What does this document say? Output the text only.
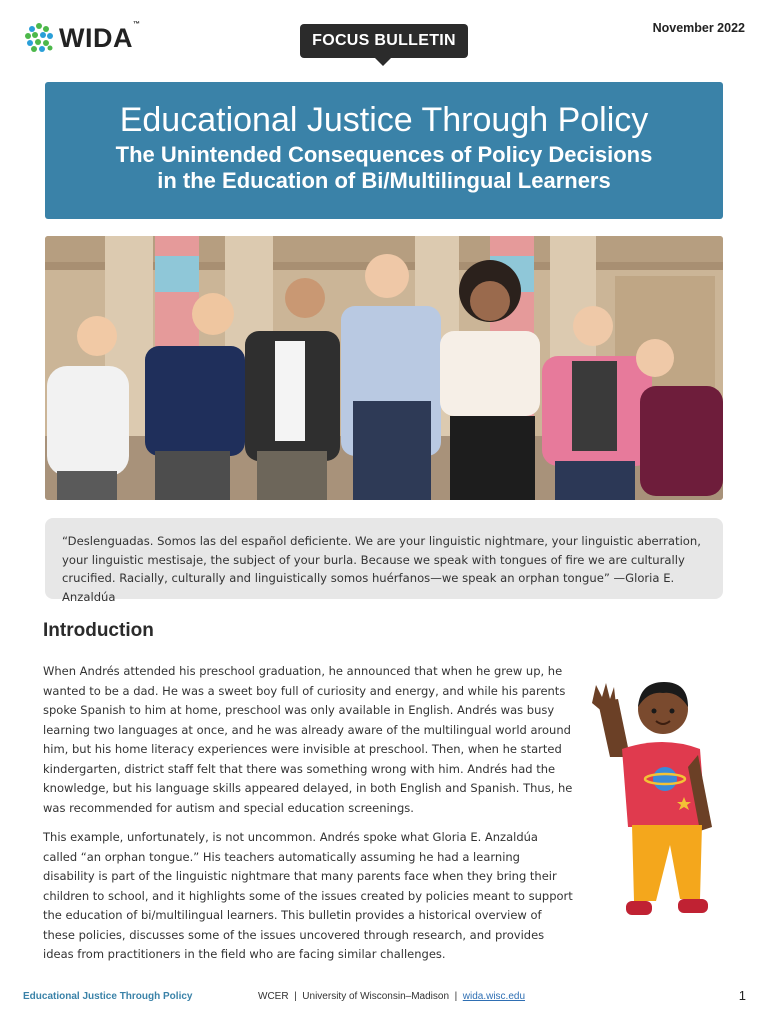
WIDA™
FOCUS BULLETIN
November 2022
Educational Justice Through Policy
The Unintended Consequences of Policy Decisions
in the Education of Bi/Multilingual Learners
“Deslenguadas. Somos las del español deficiente. We are your linguistic nightmare, your linguistic aberration, your linguistic mestisaje, the subject of your burla. Because we speak with tongues of fire we are culturally crucified. Racially, culturally and linguistically somos huérfanos—we speak an orphan tongue” —Gloria E. Anzaldúa
Introduction
When Andrés attended his preschool graduation, he announced that when he grew up, he wanted to be a dad. He was a sweet boy full of curiosity and energy, and while his parents spoke Spanish to him at home, preschool was only available in English. Andrés was busy learning two languages at once, and he was already aware of the multilingual world around him, but his home literacy experiences were invisible at preschool. Then, when he started kindergarten, district staff felt that there was something wrong with him. Andrés had the knowledge, but his language skills appeared delayed, in both English and Spanish. Thus, he was recommended for autism and special education screenings.
This example, unfortunately, is not uncommon. Andrés spoke what Gloria E. Anzaldúa called “an orphan tongue.” His teachers automatically assuming he had a learning disability is part of the linguistic nightmare that many parents face when they bring their children to school, and it highlights some of the issues created by policies meant to support the education of bi/multilingual learners. This bulletin provides a historical overview of these policies, discusses some of the issues uncovered through research, and provides ideas from practitioners in the field who are facing similar challenges.
Educational Justice Through Policy	WCER | University of Wisconsin–Madison | wida.wisc.edu	1
